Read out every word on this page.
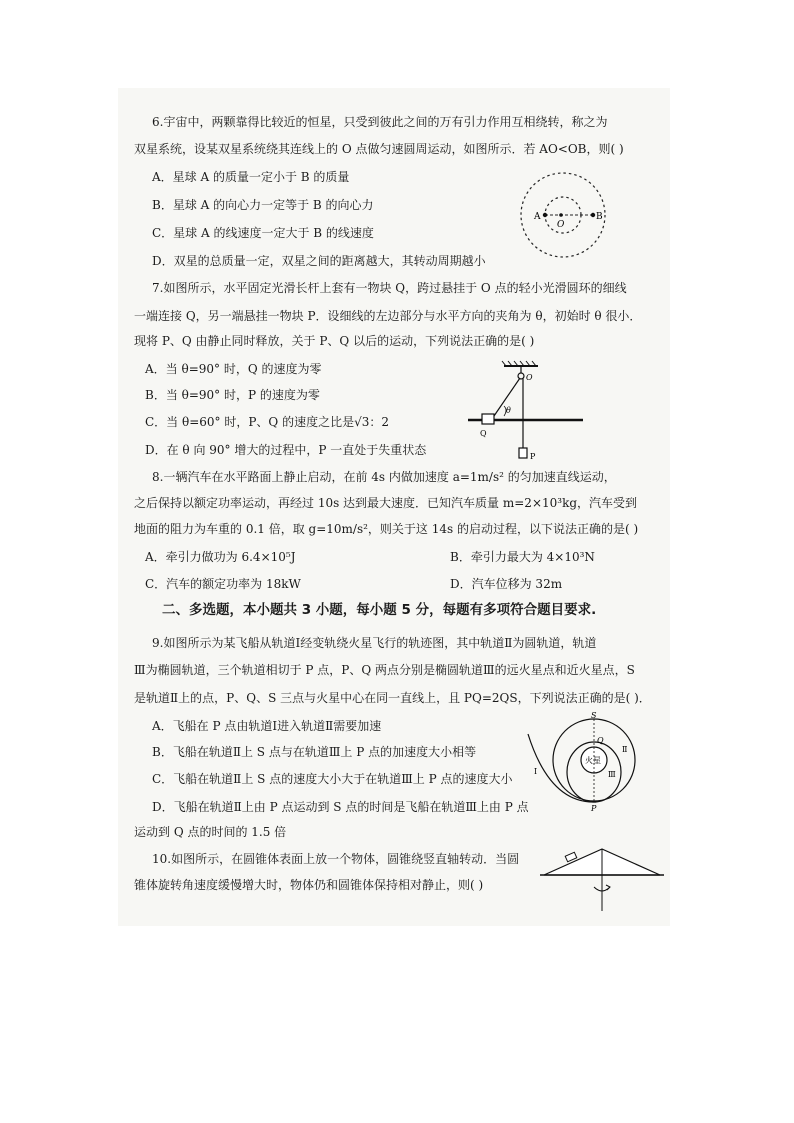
6.宇宙中，两颗靠得比较近的恒星，只受到彼此之间的万有引力作用互相绕转，称之为
双星系统，设某双星系统绕其连线上的 O 点做匀速圆周运动，如图所示．若 AO<OB，则( )
A．星球 A 的质量一定小于 B 的质量
B．星球 A 的向心力一定等于 B 的向心力
C．星球 A 的线速度一定大于 B 的线速度
D．双星的总质量一定，双星之间的距离越大，其转动周期越小
A
O
B
7.如图所示，水平固定光滑长杆上套有一物块 Q，跨过悬挂于 O 点的轻小光滑圆环的细线
一端连接 Q，另一端悬挂一物块 P．设细线的左边部分与水平方向的夹角为 θ，初始时 θ 很小．
现将 P、Q 由静止同时释放，关于 P、Q 以后的运动，下列说法正确的是( )
A．当 θ=90° 时，Q 的速度为零
B．当 θ=90° 时，P 的速度为零
C．当 θ=60° 时，P、Q 的速度之比是√3：2
D．在 θ 向 90° 增大的过程中，P 一直处于失重状态
O
θ
Q
P
8.一辆汽车在水平路面上静止启动，在前 4s 内做加速度 a=1m/s² 的匀加速直线运动，
之后保持以额定功率运动，再经过 10s 达到最大速度．已知汽车质量 m=2×10³kg，汽车受到
地面的阻力为车重的 0.1 倍，取 g=10m/s²，则关于这 14s 的启动过程，以下说法正确的是( )
A．牵引力做功为 6.4×10⁵J	B．牵引力最大为 4×10³N
C．汽车的额定功率为 18kW	D．汽车位移为 32m
二、多选题，本小题共 3 小题，每小题 5 分，每题有多项符合题目要求.
9.如图所示为某飞船从轨道Ⅰ经变轨绕火星飞行的轨迹图，其中轨道Ⅱ为圆轨道，轨道
Ⅲ为椭圆轨道，三个轨道相切于 P 点，P、Q 两点分别是椭圆轨道Ⅲ的远火星点和近火星点，S
是轨道Ⅱ上的点，P、Q、S 三点与火星中心在同一直线上，且 PQ=2QS，下列说法正确的是( )．
A．飞船在 P 点由轨道Ⅰ进入轨道Ⅱ需要加速
B．飞船在轨道Ⅱ上 S 点与在轨道Ⅲ上 P 点的加速度大小相等
C．飞船在轨道Ⅱ上 S 点的速度大小大于在轨道Ⅲ上 P 点的速度大小
D．飞船在轨道Ⅱ上由 P 点运动到 S 点的时间是飞船在轨道Ⅲ上由 P 点
运动到 Q 点的时间的 1.5 倍
S
Q
火星
P
Ⅰ
Ⅱ
Ⅲ
10.如图所示，在圆锥体表面上放一个物体，圆锥绕竖直轴转动．当圆
锥体旋转角速度缓慢增大时，物体仍和圆锥体保持相对静止，则( )
